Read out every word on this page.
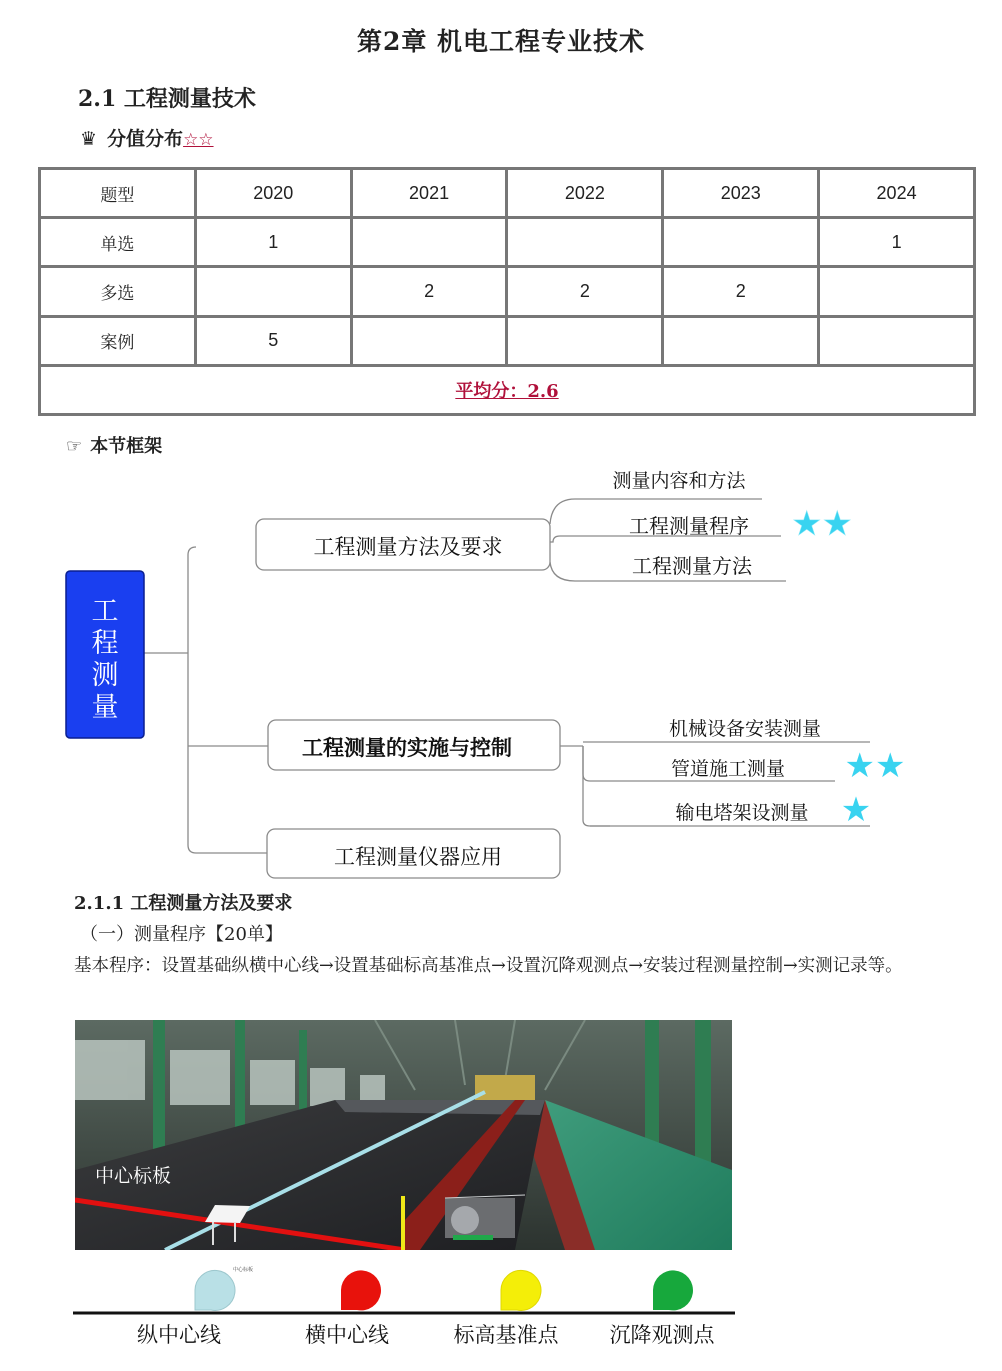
第2章 机电工程专业技术
2.1 工程测量技术
♛ 分值分布☆☆
题型	2020	2021	2022	2023	2024
单选	1				1
多选		2	2	2	
案例	5				
平均分：2.6					
☞ 本节框架
工
程
测
量
工程测量方法及要求
工程测量的实施与控制
工程测量仪器应用
测量内容和方法
工程测量程序 ★★
工程测量方法
机械设备安装测量
管道施工测量 ★★
输电塔架设测量 ★
2.1.1 工程测量方法及要求
（一）测量程序【20单】
基本程序：设置基础纵横中心线→设置基础标高基准点→设置沉降观测点→安装过程测量控制→实测记录等。
中心标板
中心标板
纵中心线	横中心线	标高基准点 沉降观测点
